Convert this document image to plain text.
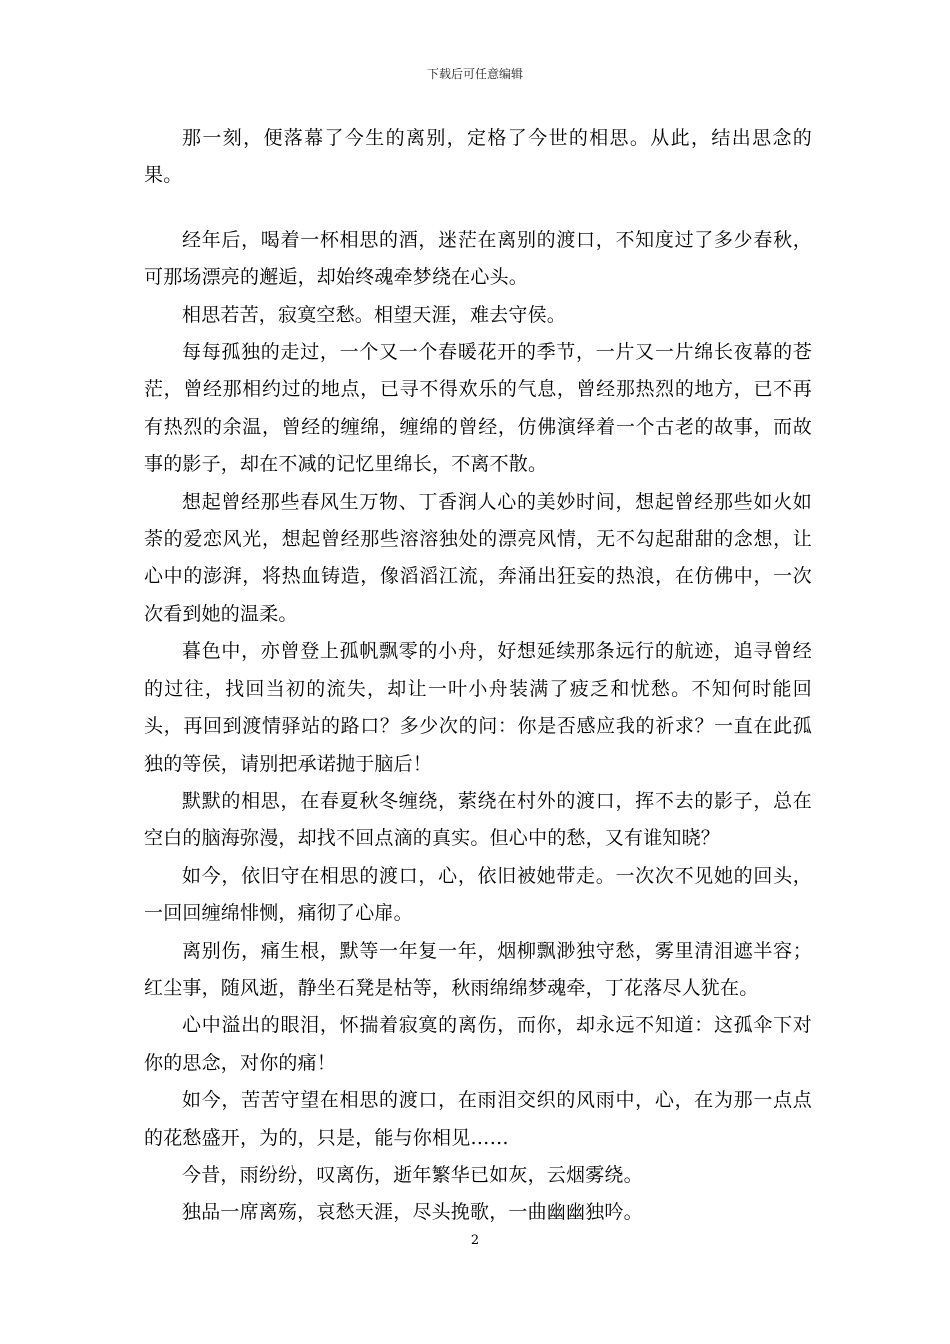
下载后可任意编辑

那一刻，便落幕了今生的离别，定格了今世的相思。从此，结出思念的果。

经年后，喝着一杯相思的酒，迷茫在离别的渡口，不知度过了多少春秋，可那场漂亮的邂逅，却始终魂牵梦绕在心头。

相思若苦，寂寞空愁。相望天涯，难去守侯。

每每孤独的走过，一个又一个春暖花开的季节，一片又一片绵长夜幕的苍茫，曾经那相约过的地点，已寻不得欢乐的气息，曾经那热烈的地方，已不再有热烈的余温，曾经的缠绵，缠绵的曾经，仿佛演绎着一个古老的故事，而故事的影子，却在不减的记忆里绵长，不离不散。

想起曾经那些春风生万物、丁香润人心的美妙时间，想起曾经那些如火如荼的爱恋风光，想起曾经那些溶溶独处的漂亮风情，无不勾起甜甜的念想，让心中的澎湃，将热血铸造，像滔滔江流，奔涌出狂妄的热浪，在仿佛中，一次次看到她的温柔。

暮色中，亦曾登上孤帆飘零的小舟，好想延续那条远行的航迹，追寻曾经的过往，找回当初的流失，却让一叶小舟装满了疲乏和忧愁。不知何时能回头，再回到渡情驿站的路口？多少次的问：你是否感应我的祈求？一直在此孤独的等侯，请别把承诺抛于脑后！

默默的相思，在春夏秋冬缠绕，萦绕在村外的渡口，挥不去的影子，总在空白的脑海弥漫，却找不回点滴的真实。但心中的愁，又有谁知晓？

如今，依旧守在相思的渡口，心，依旧被她带走。一次次不见她的回头，一回回缠绵悱恻，痛彻了心扉。

离别伤，痛生根，默等一年复一年，烟柳飘渺独守愁，雾里清泪遮半容；红尘事，随风逝，静坐石凳是枯等，秋雨绵绵梦魂牵，丁花落尽人犹在。

心中溢出的眼泪，怀揣着寂寞的离伤，而你，却永远不知道：这孤伞下对你的思念，对你的痛！

如今，苦苦守望在相思的渡口，在雨泪交织的风雨中，心，在为那一点点的花愁盛开，为的，只是，能与你相见……

今昔，雨纷纷，叹离伤，逝年繁华已如灰，云烟雾绕。

独品一席离殇，哀愁天涯，尽头挽歌，一曲幽幽独吟。

2
